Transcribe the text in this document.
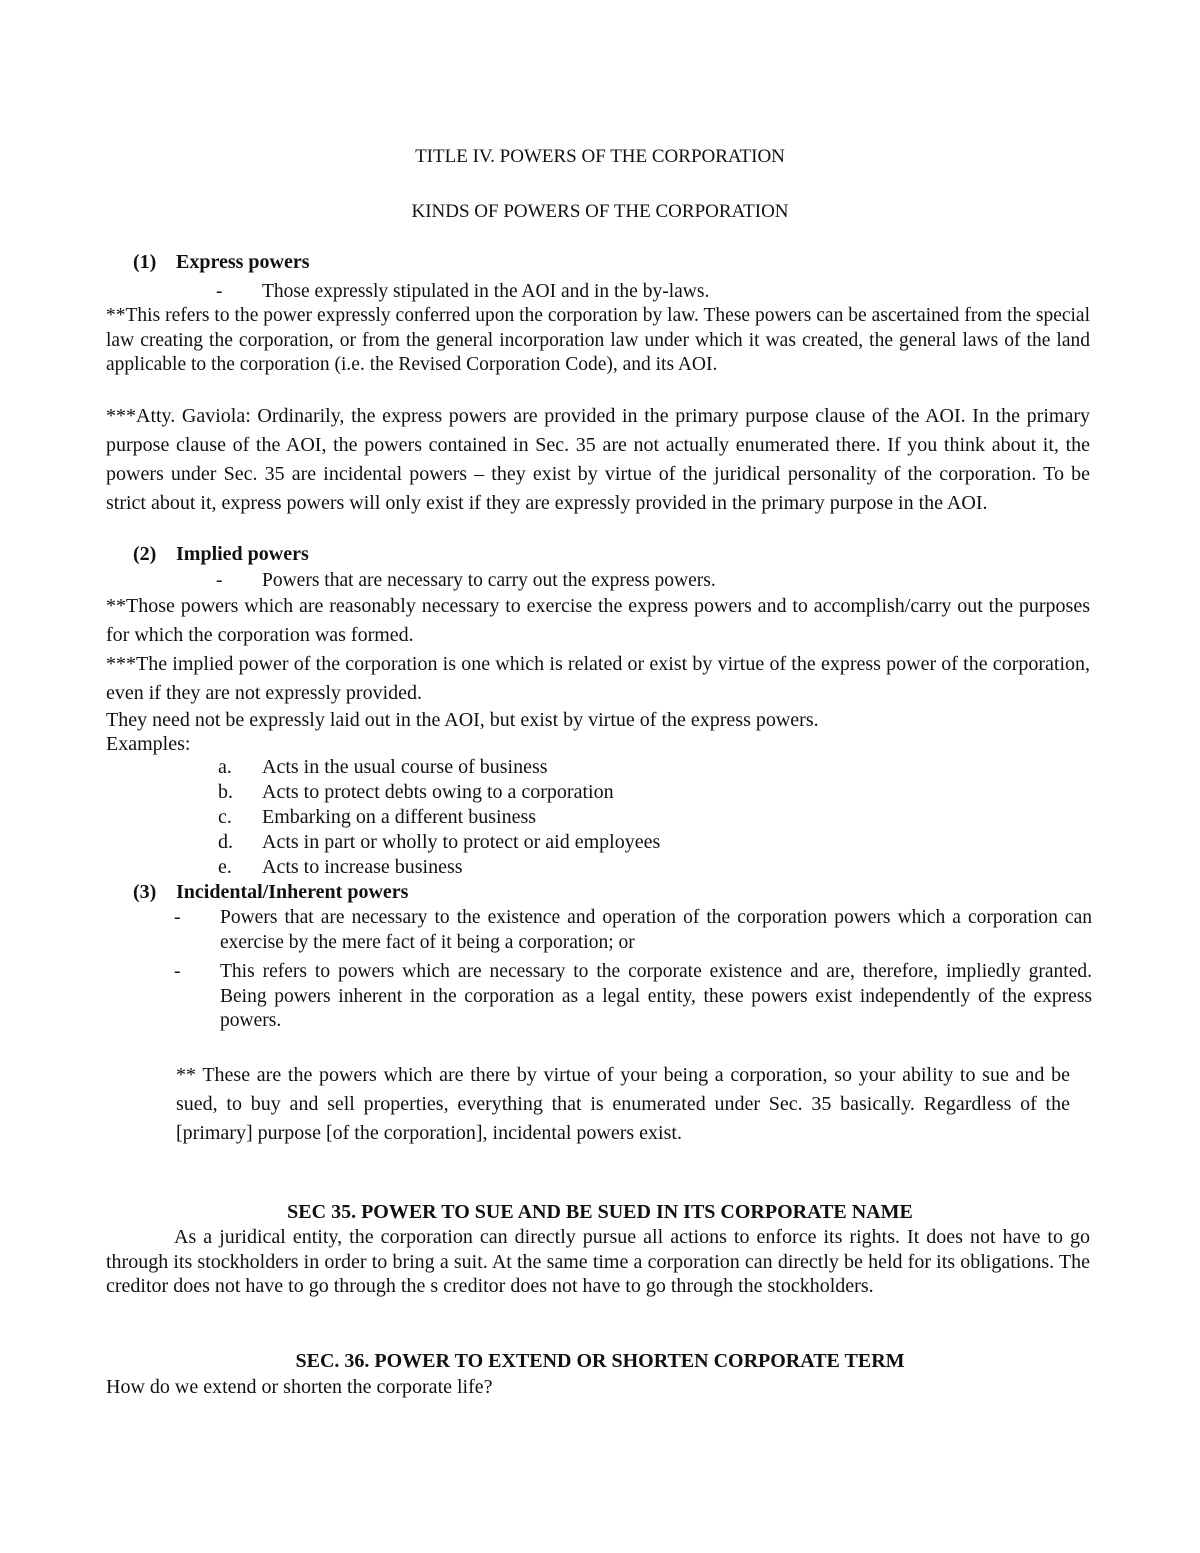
TITLE IV. POWERS OF THE CORPORATION

KINDS OF POWERS OF THE CORPORATION

(1) Express powers
- Those expressly stipulated in the AOI and in the by-laws.

**This refers to the power expressly conferred upon the corporation by law. These powers can be ascertained from the special law creating the corporation, or from the general incorporation law under which it was created, the general laws of the land applicable to the corporation (i.e. the Revised Corporation Code), and its AOI.

***Atty. Gaviola: Ordinarily, the express powers are provided in the primary purpose clause of the AOI. In the primary purpose clause of the AOI, the powers contained in Sec. 35 are not actually enumerated there. If you think about it, the powers under Sec. 35 are incidental powers – they exist by virtue of the juridical personality of the corporation. To be strict about it, express powers will only exist if they are expressly provided in the primary purpose in the AOI.

(2) Implied powers
- Powers that are necessary to carry out the express powers.

**Those powers which are reasonably necessary to exercise the express powers and to accomplish/carry out the purposes for which the corporation was formed.

***The implied power of the corporation is one which is related or exist by virtue of the express power of the corporation, even if they are not expressly provided.

They need not be expressly laid out in the AOI, but exist by virtue of the express powers.

Examples:

a. Acts in the usual course of business
b. Acts to protect debts owing to a corporation
c. Embarking on a different business
d. Acts in part or wholly to protect or aid employees
e. Acts to increase business
(3) Incidental/Inherent powers
- Powers that are necessary to the existence and operation of the corporation powers which a corporation can exercise by the mere fact of it being a corporation; or
- This refers to powers which are necessary to the corporate existence and are, therefore, impliedly granted. Being powers inherent in the corporation as a legal entity, these powers exist independently of the express powers.

** These are the powers which are there by virtue of your being a corporation, so your ability to sue and be sued, to buy and sell properties, everything that is enumerated under Sec. 35 basically. Regardless of the [primary] purpose [of the corporation], incidental powers exist.

SEC 35. POWER TO SUE AND BE SUED IN ITS CORPORATE NAME

As a juridical entity, the corporation can directly pursue all actions to enforce its rights. It does not have to go through its stockholders in order to bring a suit. At the same time a corporation can directly be held for its obligations. The creditor does not have to go through the s creditor does not have to go through the stockholders.

SEC. 36. POWER TO EXTEND OR SHORTEN CORPORATE TERM

How do we extend or shorten the corporate life?
